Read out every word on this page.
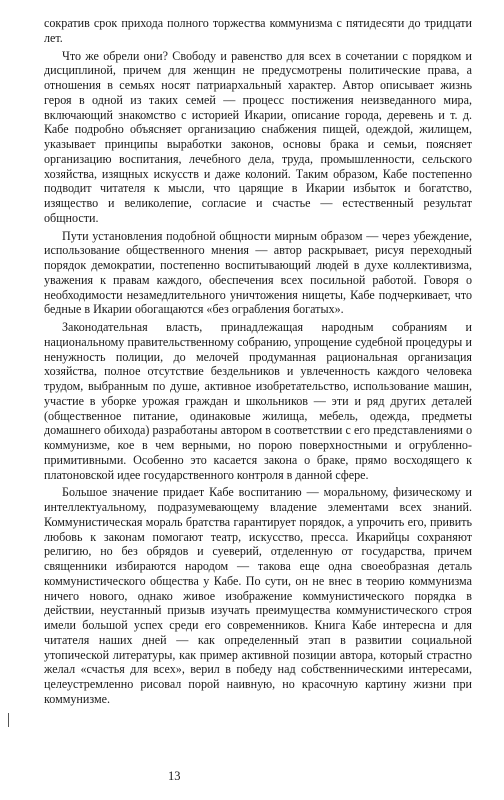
сократив срок прихода полного торжества коммунизма с пятидесяти до тридцати лет.

Что же обрели они? Свободу и равенство для всех в сочетании с порядком и дисциплиной, причем для женщин не предусмотрены политические права, а отношения в семьях носят патриархальный характер. Автор описывает жизнь героя в одной из таких семей — процесс постижения неизведанного мира, включающий знакомство с историей Икарии, описание города, деревень и т. д. Кабе подробно объясняет организацию снабжения пищей, одеждой, жилищем, указывает принципы выработки законов, основы брака и семьи, поясняет организацию воспитания, лечебного дела, труда, промышленности, сельского хозяйства, изящных искусств и даже колоний. Таким образом, Кабе постепенно подводит читателя к мысли, что царящие в Икарии избыток и богатство, изящество и великолепие, согласие и счастье — естественный результат общности.

Пути установления подобной общности мирным образом — через убеждение, использование общественного мнения — автор раскрывает, рисуя переходный порядок демократии, постепенно воспитывающий людей в духе коллективизма, уважения к правам каждого, обеспечения всех посильной работой. Говоря о необходимости незамедлительного уничтожения нищеты, Кабе подчеркивает, что бедные в Икарии обогащаются «без ограбления богатых».

Законодательная власть, принадлежащая народным собраниям и национальному правительственному собранию, упрощение судебной процедуры и ненужность полиции, до мелочей продуманная рациональная организация хозяйства, полное отсутствие бездельников и увлеченность каждого человека трудом, выбранным по душе, активное изобретательство, использование машин, участие в уборке урожая граждан и школьников — эти и ряд других деталей (общественное питание, одинаковые жилища, мебель, одежда, предметы домашнего обихода) разработаны автором в соответствии с его представлениями о коммунизме, кое в чем верными, но порою поверхностными и огрубленно-примитивными. Особенно это касается закона о браке, прямо восходящего к платоновской идее государственного контроля в данной сфере.

Большое значение придает Кабе воспитанию — моральному, физическому и интеллектуальному, подразумевающему владение элементами всех знаний. Коммунистическая мораль братства гарантирует порядок, а упрочить его, привить любовь к законам помогают театр, искусство, пресса. Икарийцы сохраняют религию, но без обрядов и суеверий, отделенную от государства, причем священники избираются народом — такова еще одна своеобразная деталь коммунистического общества у Кабе. По сути, он не внес в теорию коммунизма ничего нового, однако живое изображение коммунистического порядка в действии, неустанный призыв изучать преимущества коммунистического строя имели большой успех среди его современников. Книга Кабе интересна и для читателя наших дней — как определенный этап в развитии социальной утопической литературы, как пример активной позиции автора, который страстно желал «счастья для всех», верил в победу над собственническими интересами, целеустремленно рисовал порой наивную, но красочную картину жизни при коммунизме.

13
